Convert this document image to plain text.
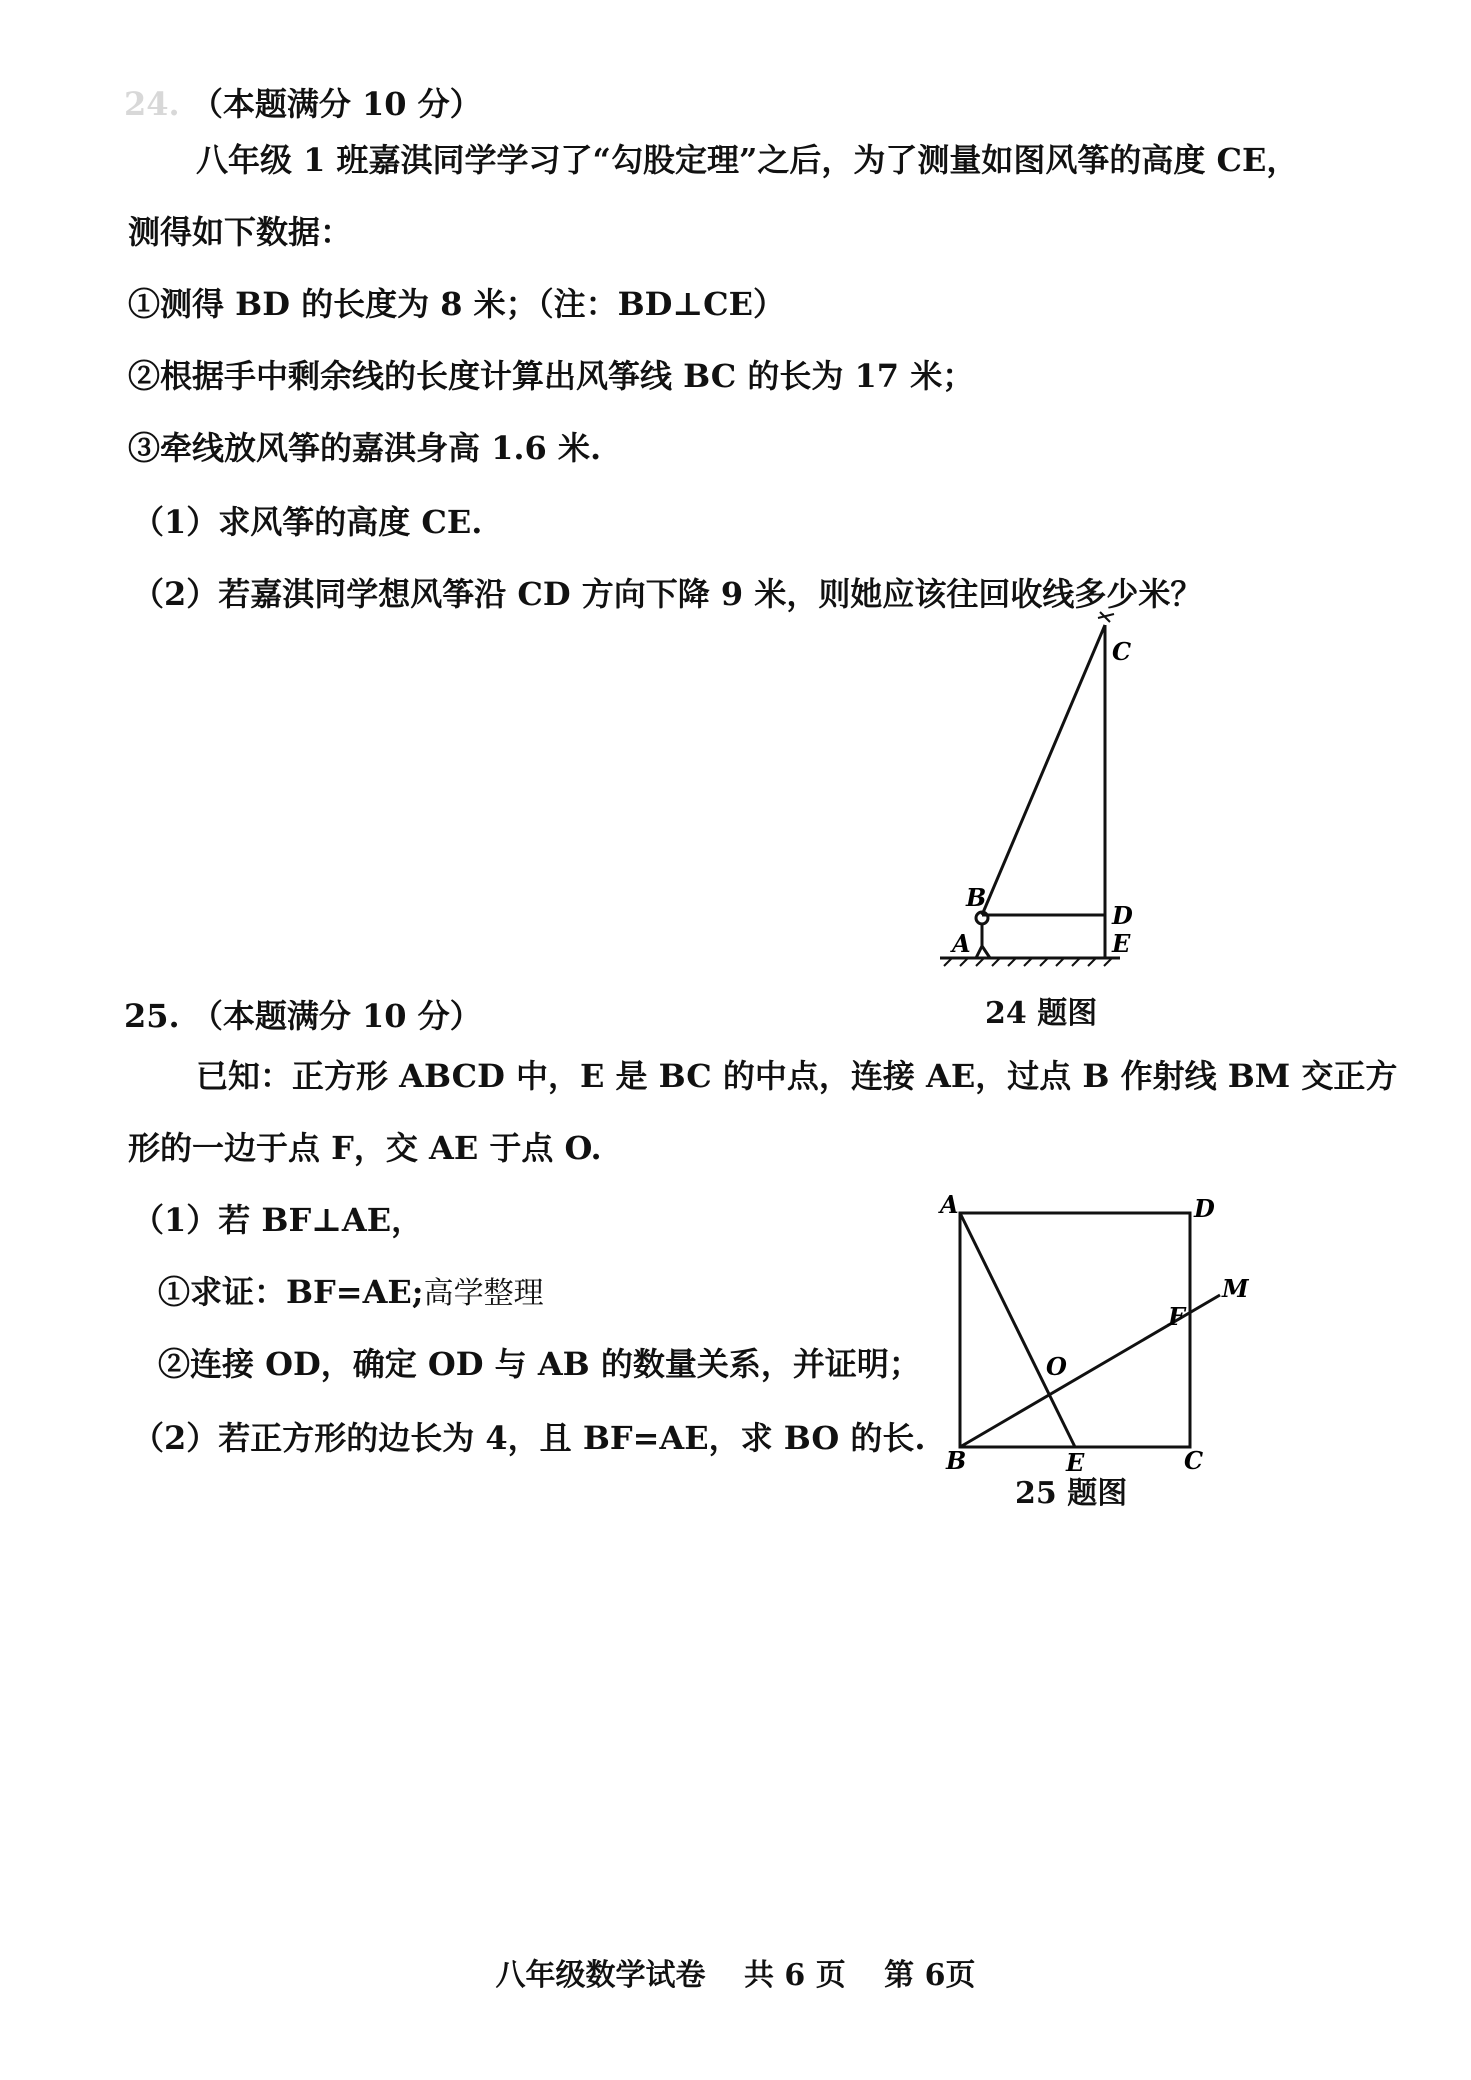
24. （本题满分 10 分）
八年级 1 班嘉淇同学学习了“勾股定理”之后，为了测量如图风筝的高度 CE，
测得如下数据：
①测得 BD 的长度为 8 米；（注：BD⊥CE）
②根据手中剩余线的长度计算出风筝线 BC 的长为 17 米；
③牵线放风筝的嘉淇身高 1.6 米.
（1）求风筝的高度 CE.
（2）若嘉淇同学想风筝沿 CD 方向下降 9 米，则她应该往回收线多少米？
C
B
D
A	E
24 题图
25. （本题满分 10 分）
已知：正方形 ABCD 中，E 是 BC 的中点，连接 AE，过点 B 作射线 BM 交正方
形的一边于点 F，交 AE 于点 O.
（1）若 BF⊥AE，
①求证：BF=AE;高学整理
②连接 OD，确定 OD 与 AB 的数量关系，并证明；
（2）若正方形的边长为 4，且 BF=AE，求 BO 的长.
A	D
M
F
O
B	E	C
25 题图
八年级数学试卷 共 6 页 第 6页
